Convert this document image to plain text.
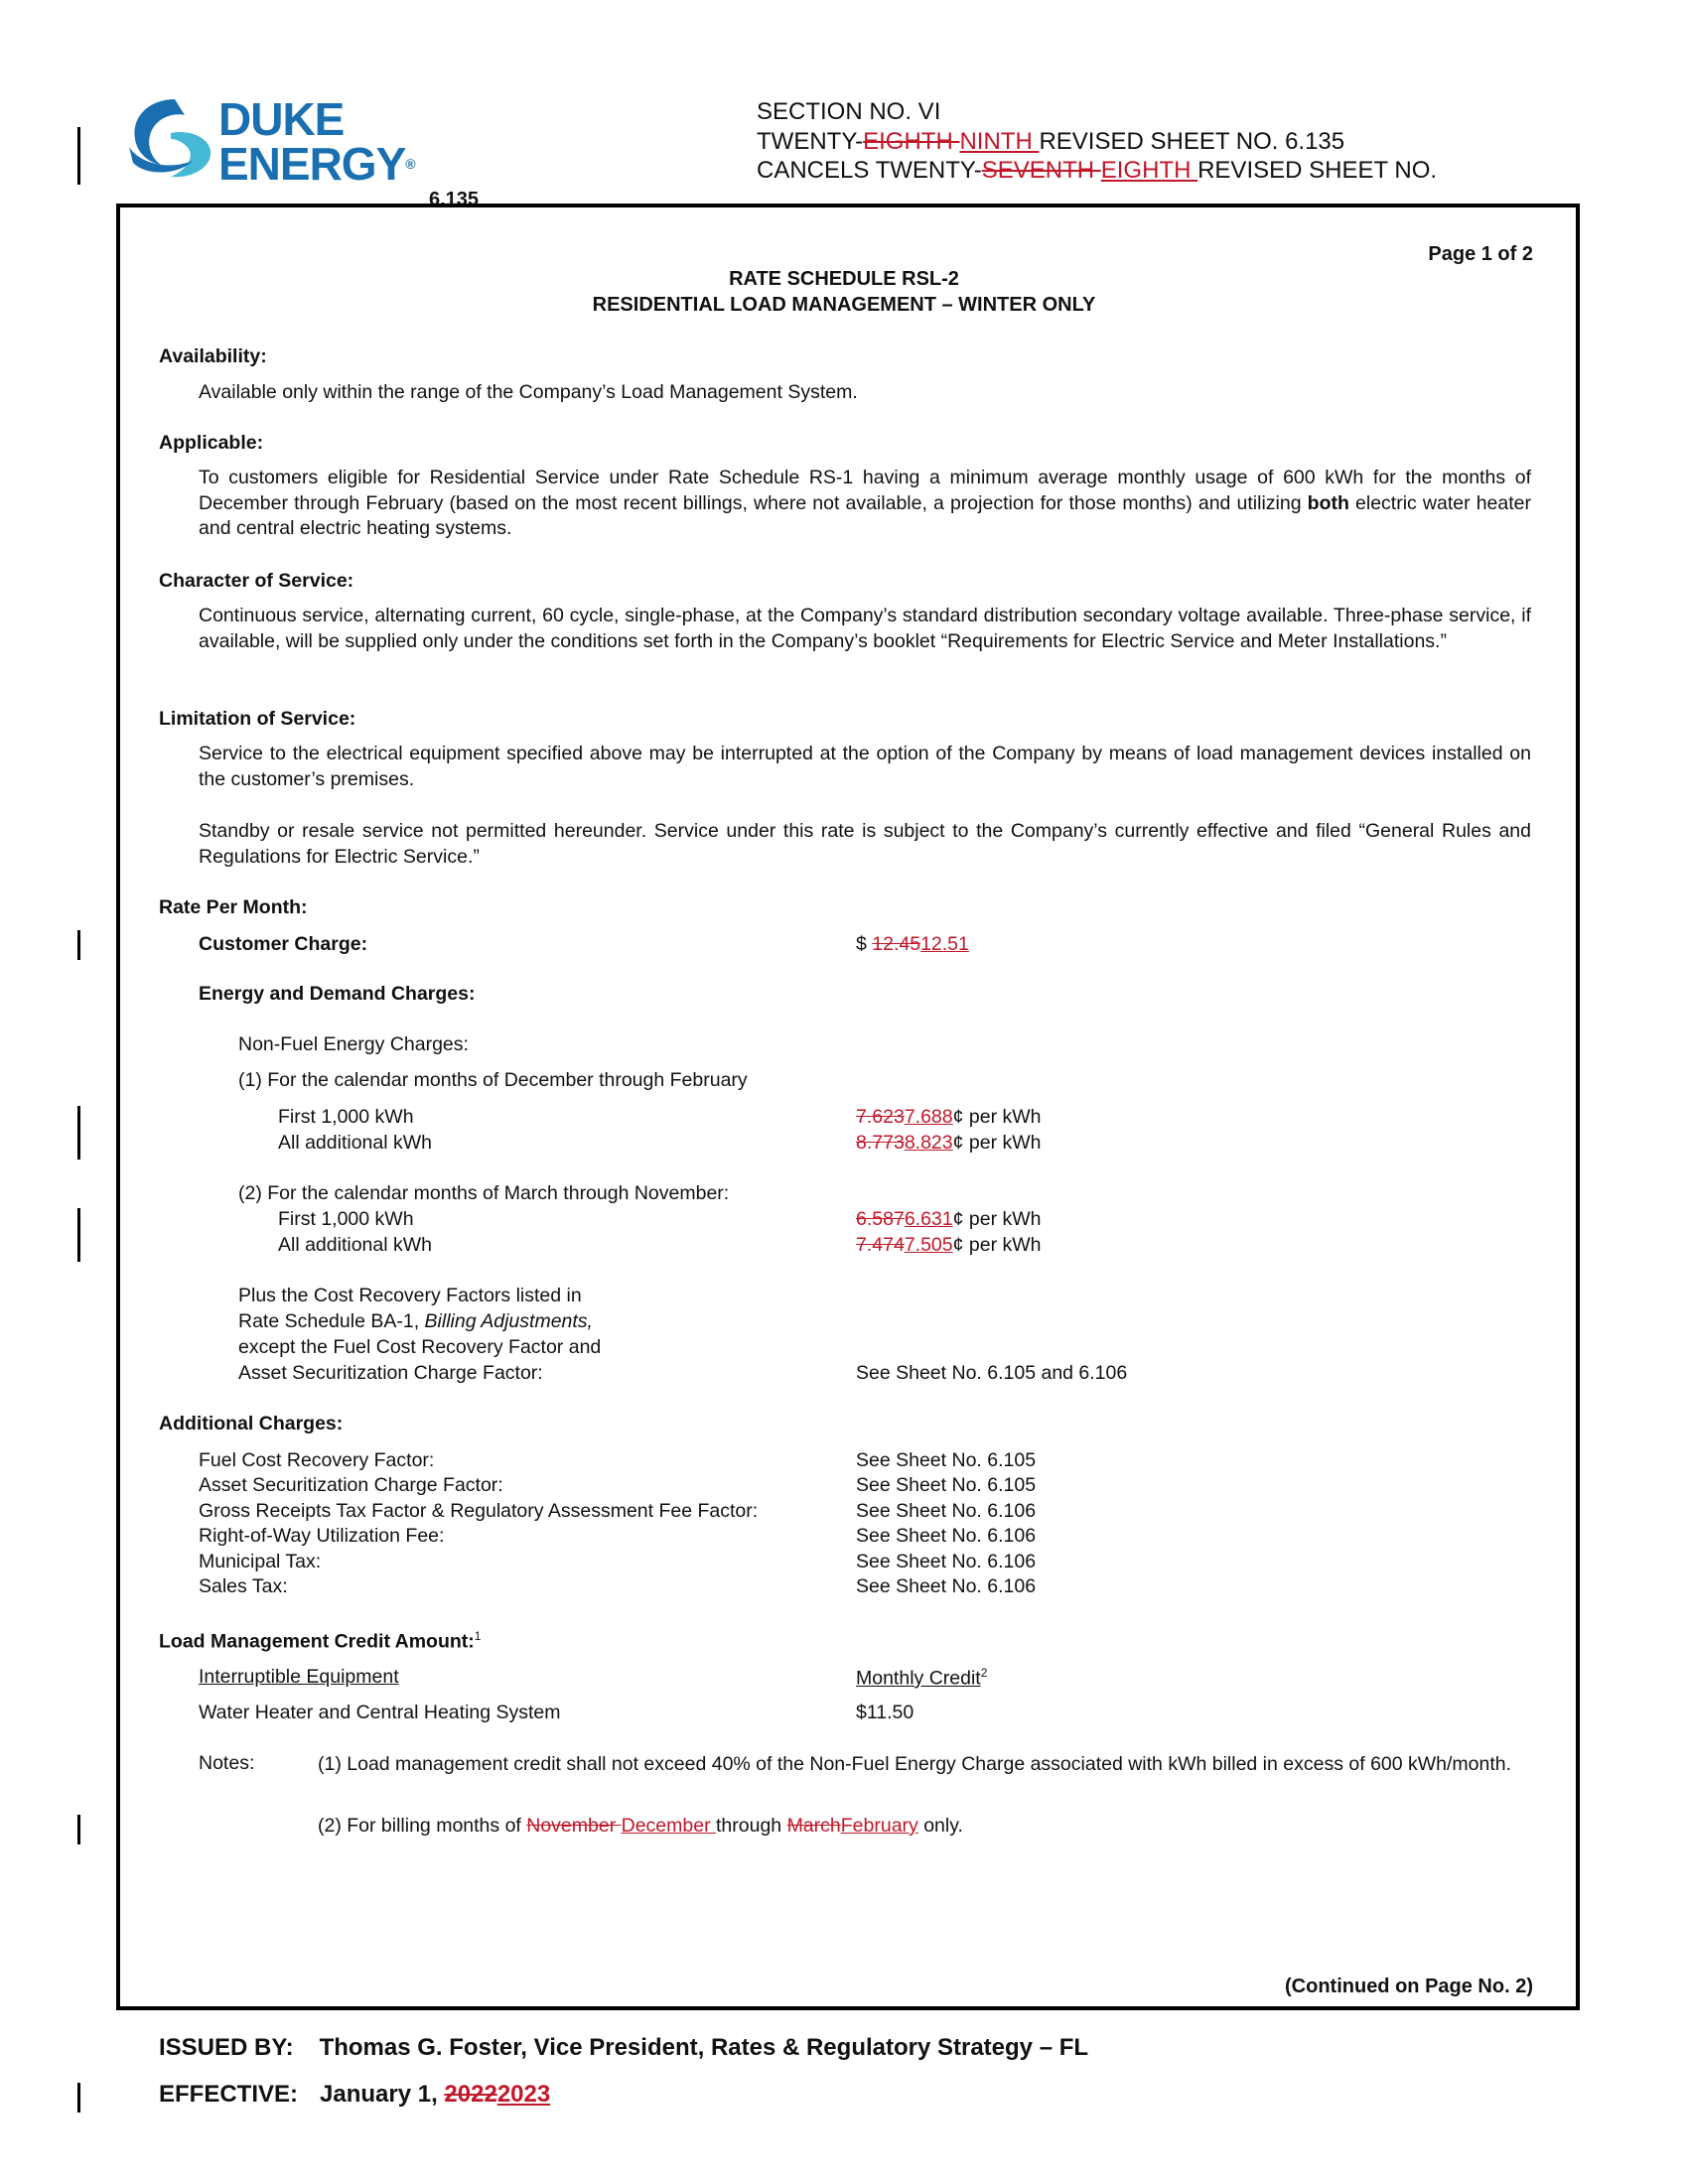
DUKE
ENERGY®
SECTION NO. VI
TWENTY-EIGHTH NINTH REVISED SHEET NO. 6.135
CANCELS TWENTY-SEVENTH EIGHTH REVISED SHEET NO.
6.135
Page 1 of 2
RATE SCHEDULE RSL-2
RESIDENTIAL LOAD MANAGEMENT – WINTER ONLY
Availability:
Available only within the range of the Company’s Load Management System.
Applicable:
To customers eligible for Residential Service under Rate Schedule RS-1 having a minimum average monthly usage of 600 kWh for the months of December through February (based on the most recent billings, where not available, a projection for those months) and utilizing both electric water heater and central electric heating systems.
Character of Service:
Continuous service, alternating current, 60 cycle, single-phase, at the Company’s standard distribution secondary voltage available. Three-phase service, if available, will be supplied only under the conditions set forth in the Company’s booklet “Requirements for Electric Service and Meter Installations.”
Limitation of Service:
Service to the electrical equipment specified above may be interrupted at the option of the Company by means of load management devices installed on the customer’s premises.
Standby or resale service not permitted hereunder. Service under this rate is subject to the Company’s currently effective and filed “General Rules and Regulations for Electric Service.”
Rate Per Month:
Customer Charge:	$ 12.4512.51
Energy and Demand Charges:
Non-Fuel Energy Charges:
(1) For the calendar months of December through February
First 1,000 kWh	7.6237.688¢ per kWh
All additional kWh	8.7738.823¢ per kWh
(2) For the calendar months of March through November:
First 1,000 kWh	6.5876.631¢ per kWh
All additional kWh	7.4747.505¢ per kWh
Plus the Cost Recovery Factors listed in
Rate Schedule BA-1, Billing Adjustments,
except the Fuel Cost Recovery Factor and
Asset Securitization Charge Factor:	See Sheet No. 6.105 and 6.106
Additional Charges:
Fuel Cost Recovery Factor:	See Sheet No. 6.105
Asset Securitization Charge Factor:	See Sheet No. 6.105
Gross Receipts Tax Factor & Regulatory Assessment Fee Factor:	See Sheet No. 6.106
Right-of-Way Utilization Fee:	See Sheet No. 6.106
Municipal Tax:	See Sheet No. 6.106
Sales Tax:	See Sheet No. 6.106
Load Management Credit Amount:$^1$
Interruptible Equipment	Monthly Credit$^2$
Water Heater and Central Heating System	$11.50
Notes:	(1) Load management credit shall not exceed 40% of the Non-Fuel Energy Charge associated with kWh billed in excess of 600 kWh/month.
(2) For billing months of November December through MarchFebruary only.
(Continued on Page No. 2)
ISSUED BY: Thomas G. Foster, Vice President, Rates & Regulatory Strategy – FL
EFFECTIVE: January 1, 20222023
